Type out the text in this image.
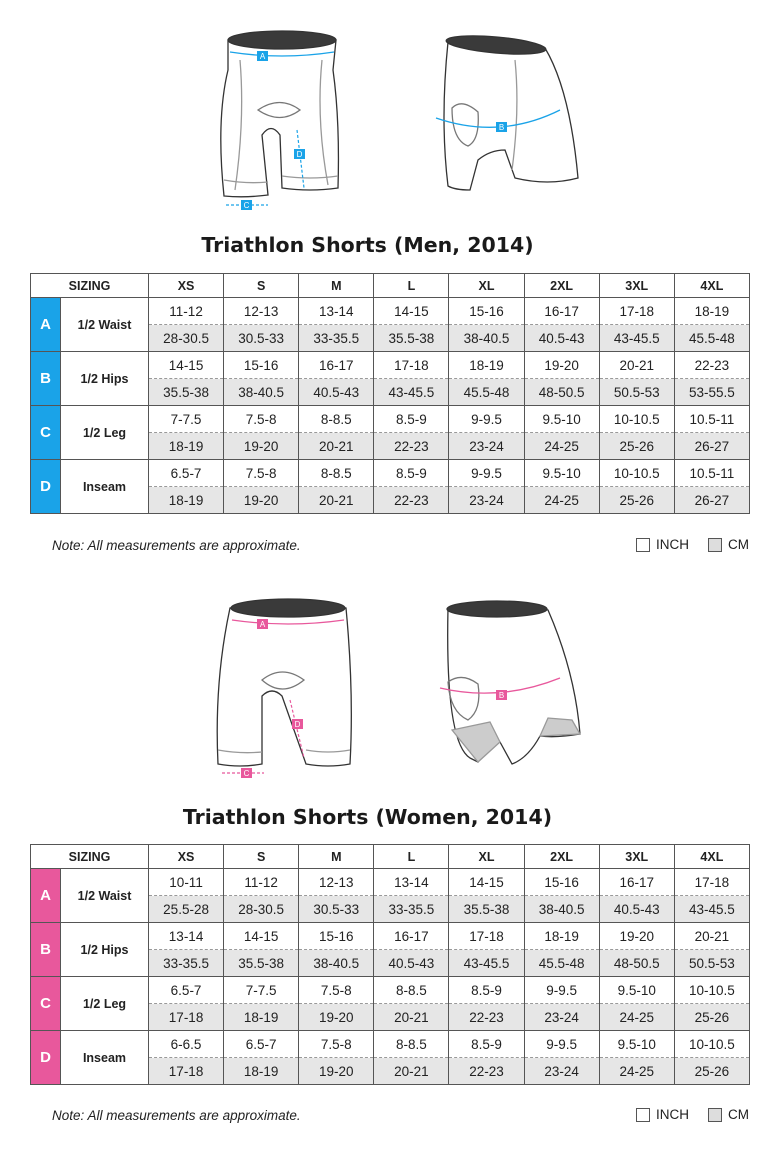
A
D
C
B
Triathlon Shorts (Men, 2014)
SIZING		XS	S	M	L	XL	2XL	3XL	4XL
A	1/2 Waist	11-12	12-13	13-14	14-15	15-16	16-17	17-18	18-19
		28-30.5	30.5-33	33-35.5	35.5-38	38-40.5	40.5-43	43-45.5	45.5-48
B	1/2 Hips	14-15	15-16	16-17	17-18	18-19	19-20	20-21	22-23
		35.5-38	38-40.5	40.5-43	43-45.5	45.5-48	48-50.5	50.5-53	53-55.5
C	1/2 Leg	7-7.5	7.5-8	8-8.5	8.5-9	9-9.5	9.5-10	10-10.5	10.5-11
		18-19	19-20	20-21	22-23	23-24	24-25	25-26	26-27
D	Inseam	6.5-7	7.5-8	8-8.5	8.5-9	9-9.5	9.5-10	10-10.5	10.5-11
		18-19	19-20	20-21	22-23	23-24	24-25	25-26	26-27
Note: All measurements are approximate.	INCH	CM
A
D
C
B
Triathlon Shorts (Women, 2014)
SIZING		XS	S	M	L	XL	2XL	3XL	4XL
A	1/2 Waist	10-11	11-12	12-13	13-14	14-15	15-16	16-17	17-18
		25.5-28	28-30.5	30.5-33	33-35.5	35.5-38	38-40.5	40.5-43	43-45.5
B	1/2 Hips	13-14	14-15	15-16	16-17	17-18	18-19	19-20	20-21
		33-35.5	35.5-38	38-40.5	40.5-43	43-45.5	45.5-48	48-50.5	50.5-53
C	1/2 Leg	6.5-7	7-7.5	7.5-8	8-8.5	8.5-9	9-9.5	9.5-10	10-10.5
		17-18	18-19	19-20	20-21	22-23	23-24	24-25	25-26
D	Inseam	6-6.5	6.5-7	7.5-8	8-8.5	8.5-9	9-9.5	9.5-10	10-10.5
		17-18	18-19	19-20	20-21	22-23	23-24	24-25	25-26
Note: All measurements are approximate.	INCH	CM
